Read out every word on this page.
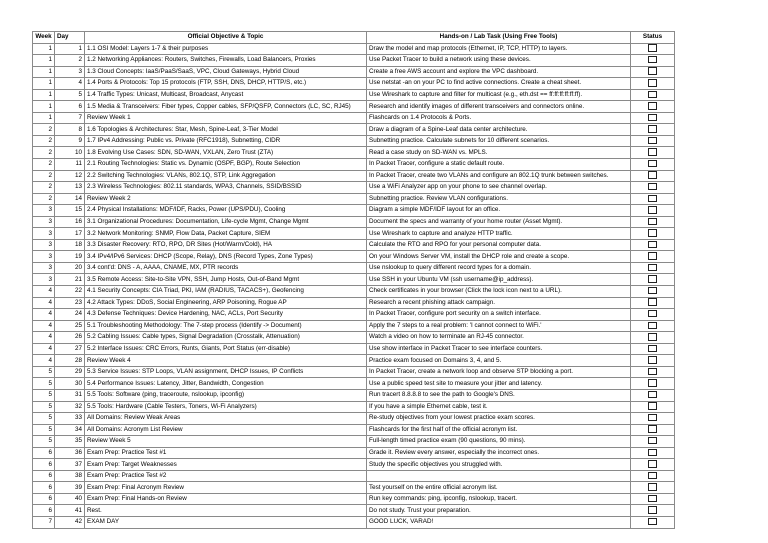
Week	Day	Official Objective & Topic	Hands-on / Lab Task (Using Free Tools)	Status
1	1	1.1 OSI Model: Layers 1-7 & their purposes	Draw the model and map protocols (Ethernet, IP, TCP, HTTP) to layers.	
1	2	1.2 Networking Appliances: Routers, Switches, Firewalls, Load Balancers, Proxies	Use Packet Tracer to build a network using these devices.	
1	3	1.3 Cloud Concepts: IaaS/PaaS/SaaS, VPC, Cloud Gateways, Hybrid Cloud	Create a free AWS account and explore the VPC dashboard.	
1	4	1.4 Ports & Protocols: Top 15 protocols (FTP, SSH, DNS, DHCP, HTTP/S, etc.)	Use netstat -an on your PC to find active connections. Create a cheat sheet.	
1	5	1.4 Traffic Types: Unicast, Multicast, Broadcast, Anycast	Use Wireshark to capture and filter for multicast (e.g., eth.dst == ff:ff:ff:ff:ff:ff).	
1	6	1.5 Media & Transceivers: Fiber types, Copper cables, SFP/QSFP, Connectors (LC, SC, RJ45)	Research and identify images of different transceivers and connectors online.	
1	7	Review Week 1	Flashcards on 1.4 Protocols & Ports.	
2	8	1.6 Topologies & Architectures: Star, Mesh, Spine-Leaf, 3-Tier Model	Draw a diagram of a Spine-Leaf data center architecture.	
2	9	1.7 IPv4 Addressing: Public vs. Private (RFC1918), Subnetting, CIDR	Subnetting practice. Calculate subnets for 10 different scenarios.	
2	10	1.8 Evolving Use Cases: SDN, SD-WAN, VXLAN, Zero Trust (ZTA)	Read a case study on SD-WAN vs. MPLS.	
2	11	2.1 Routing Technologies: Static vs. Dynamic (OSPF, BGP), Route Selection	In Packet Tracer, configure a static default route.	
2	12	2.2 Switching Technologies: VLANs, 802.1Q, STP, Link Aggregation	In Packet Tracer, create two VLANs and configure an 802.1Q trunk between switches.	
2	13	2.3 Wireless Technologies: 802.11 standards, WPA3, Channels, SSID/BSSID	Use a WiFi Analyzer app on your phone to see channel overlap.	
2	14	Review Week 2	Subnetting practice. Review VLAN configurations.	
3	15	2.4 Physical Installations: MDF/IDF, Racks, Power (UPS/PDU), Cooling	Diagram a simple MDF/IDF layout for an office.	
3	16	3.1 Organizational Procedures: Documentation, Life-cycle Mgmt, Change Mgmt	Document the specs and warranty of your home router (Asset Mgmt).	
3	17	3.2 Network Monitoring: SNMP, Flow Data, Packet Capture, SIEM	Use Wireshark to capture and analyze HTTP traffic.	
3	18	3.3 Disaster Recovery: RTO, RPO, DR Sites (Hot/Warm/Cold), HA	Calculate the RTO and RPO for your personal computer data.	
3	19	3.4 IPv4/IPv6 Services: DHCP (Scope, Relay), DNS (Record Types, Zone Types)	On your Windows Server VM, install the DHCP role and create a scope.	
3	20	3.4 cont'd: DNS - A, AAAA, CNAME, MX, PTR records	Use nslookup to query different record types for a domain.	
3	21	3.5 Remote Access: Site-to-Site VPN, SSH, Jump Hosts, Out-of-Band Mgmt	Use SSH in your Ubuntu VM (ssh username@ip_address).	
4	22	4.1 Security Concepts: CIA Triad, PKI, IAM (RADIUS, TACACS+), Geofencing	Check certificates in your browser (Click the lock icon next to a URL).	
4	23	4.2 Attack Types: DDoS, Social Engineering, ARP Poisoning, Rogue AP	Research a recent phishing attack campaign.	
4	24	4.3 Defense Techniques: Device Hardening, NAC, ACLs, Port Security	In Packet Tracer, configure port security on a switch interface.	
4	25	5.1 Troubleshooting Methodology: The 7-step process (Identify -> Document)	Apply the 7 steps to a real problem: 'I cannot connect to WiFi.'	
4	26	5.2 Cabling Issues: Cable types, Signal Degradation (Crosstalk, Attenuation)	Watch a video on how to terminate an RJ-45 connector.	
4	27	5.2 Interface Issues: CRC Errors, Runts, Giants, Port Status (err-disable)	Use show interface in Packet Tracer to see interface counters.	
4	28	Review Week 4	Practice exam focused on Domains 3, 4, and 5.	
5	29	5.3 Service Issues: STP Loops, VLAN assignment, DHCP Issues, IP Conflicts	In Packet Tracer, create a network loop and observe STP blocking a port.	
5	30	5.4 Performance Issues: Latency, Jitter, Bandwidth, Congestion	Use a public speed test site to measure your jitter and latency.	
5	31	5.5 Tools: Software (ping, traceroute, nslookup, ipconfig)	Run tracert 8.8.8.8 to see the path to Google's DNS.	
5	32	5.5 Tools: Hardware (Cable Testers, Toners, Wi-Fi Analyzers)	If you have a simple Ethernet cable, test it.	
5	33	All Domains: Review Weak Areas	Re-study objectives from your lowest practice exam scores.	
5	34	All Domains: Acronym List Review	Flashcards for the first half of the official acronym list.	
5	35	Review Week 5	Full-length timed practice exam (90 questions, 90 mins).	
6	36	Exam Prep: Practice Test #1	Grade it. Review every answer, especially the incorrect ones.	
6	37	Exam Prep: Target Weaknesses	Study the specific objectives you struggled with.	
6	38	Exam Prep: Practice Test #2		
6	39	Exam Prep: Final Acronym Review	Test yourself on the entire official acronym list.	
6	40	Exam Prep: Final Hands-on Review	Run key commands: ping, ipconfig, nslookup, tracert.	
6	41	Rest.	Do not study. Trust your preparation.	
7	42	EXAM DAY	GOOD LUCK, VARAD!	
